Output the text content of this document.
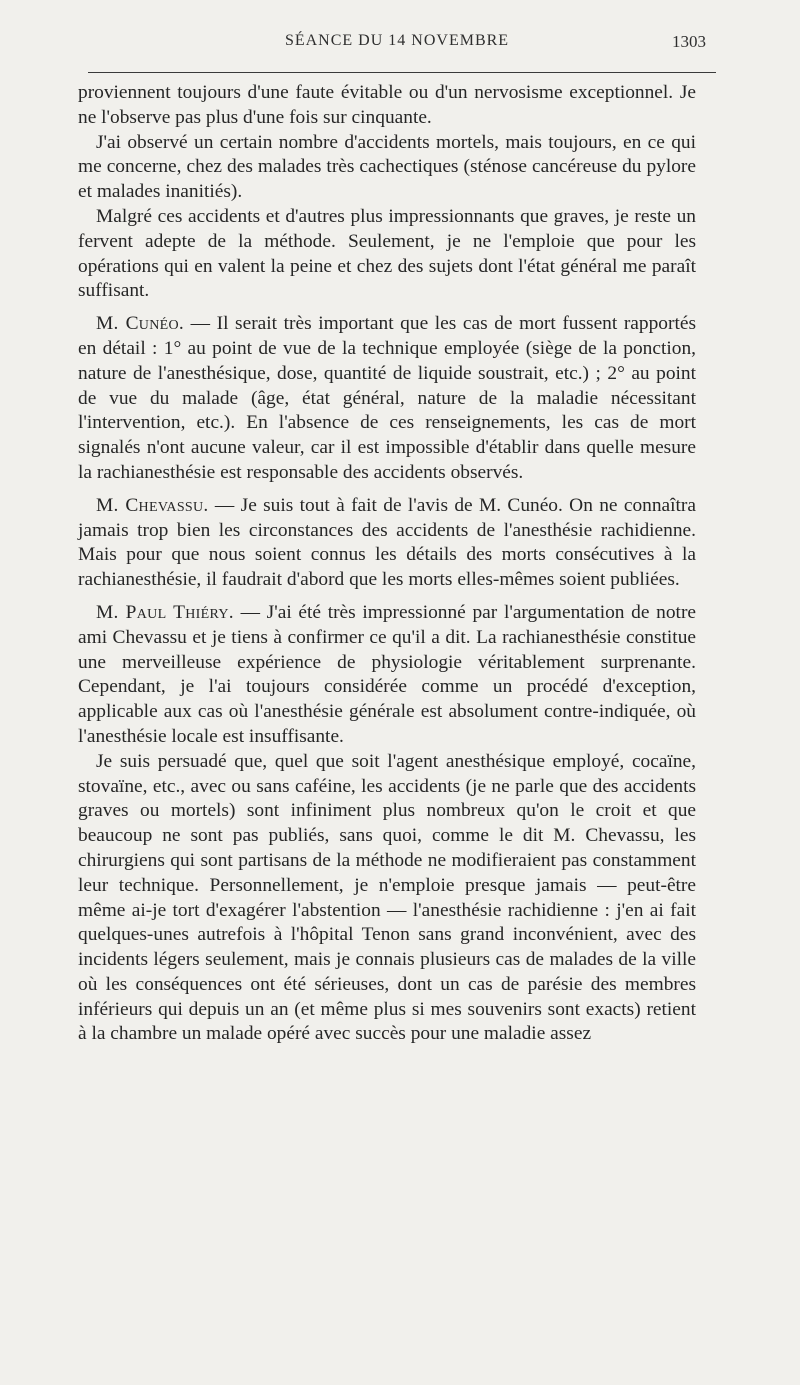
SÉANCE DU 14 NOVEMBRE	1303

proviennent toujours d'une faute évitable ou d'un nervosisme exceptionnel. Je ne l'observe pas plus d'une fois sur cinquante.

J'ai observé un certain nombre d'accidents mortels, mais toujours, en ce qui me concerne, chez des malades très cachectiques (sténose cancéreuse du pylore et malades inanitiés).

Malgré ces accidents et d'autres plus impressionnants que graves, je reste un fervent adepte de la méthode. Seulement, je ne l'emploie que pour les opérations qui en valent la peine et chez des sujets dont l'état général me paraît suffisant.

M. Cunéo. — Il serait très important que les cas de mort fussent rapportés en détail : 1° au point de vue de la technique employée (siège de la ponction, nature de l'anesthésique, dose, quantité de liquide soustrait, etc.) ; 2° au point de vue du malade (âge, état général, nature de la maladie nécessitant l'intervention, etc.). En l'absence de ces renseignements, les cas de mort signalés n'ont aucune valeur, car il est impossible d'établir dans quelle mesure la rachianesthésie est responsable des accidents observés.

M. Chevassu. — Je suis tout à fait de l'avis de M. Cunéo. On ne connaîtra jamais trop bien les circonstances des accidents de l'anesthésie rachidienne. Mais pour que nous soient connus les détails des morts consécutives à la rachianesthésie, il faudrait d'abord que les morts elles-mêmes soient publiées.

M. Paul Thiéry. — J'ai été très impressionné par l'argumentation de notre ami Chevassu et je tiens à confirmer ce qu'il a dit. La rachianesthésie constitue une merveilleuse expérience de physiologie véritablement surprenante. Cependant, je l'ai toujours considérée comme un procédé d'exception, applicable aux cas où l'anesthésie générale est absolument contre-indiquée, où l'anesthésie locale est insuffisante.

Je suis persuadé que, quel que soit l'agent anesthésique employé, cocaïne, stovaïne, etc., avec ou sans caféine, les accidents (je ne parle que des accidents graves ou mortels) sont infiniment plus nombreux qu'on le croit et que beaucoup ne sont pas publiés, sans quoi, comme le dit M. Chevassu, les chirurgiens qui sont partisans de la méthode ne modifieraient pas constamment leur technique. Personnellement, je n'emploie presque jamais — peut-être même ai-je tort d'exagérer l'abstention — l'anesthésie rachidienne : j'en ai fait quelques-unes autrefois à l'hôpital Tenon sans grand inconvénient, avec des incidents légers seulement, mais je connais plusieurs cas de malades de la ville où les conséquences ont été sérieuses, dont un cas de parésie des membres inférieurs qui depuis un an (et même plus si mes souvenirs sont exacts) retient à la chambre un malade opéré avec succès pour une maladie assez
